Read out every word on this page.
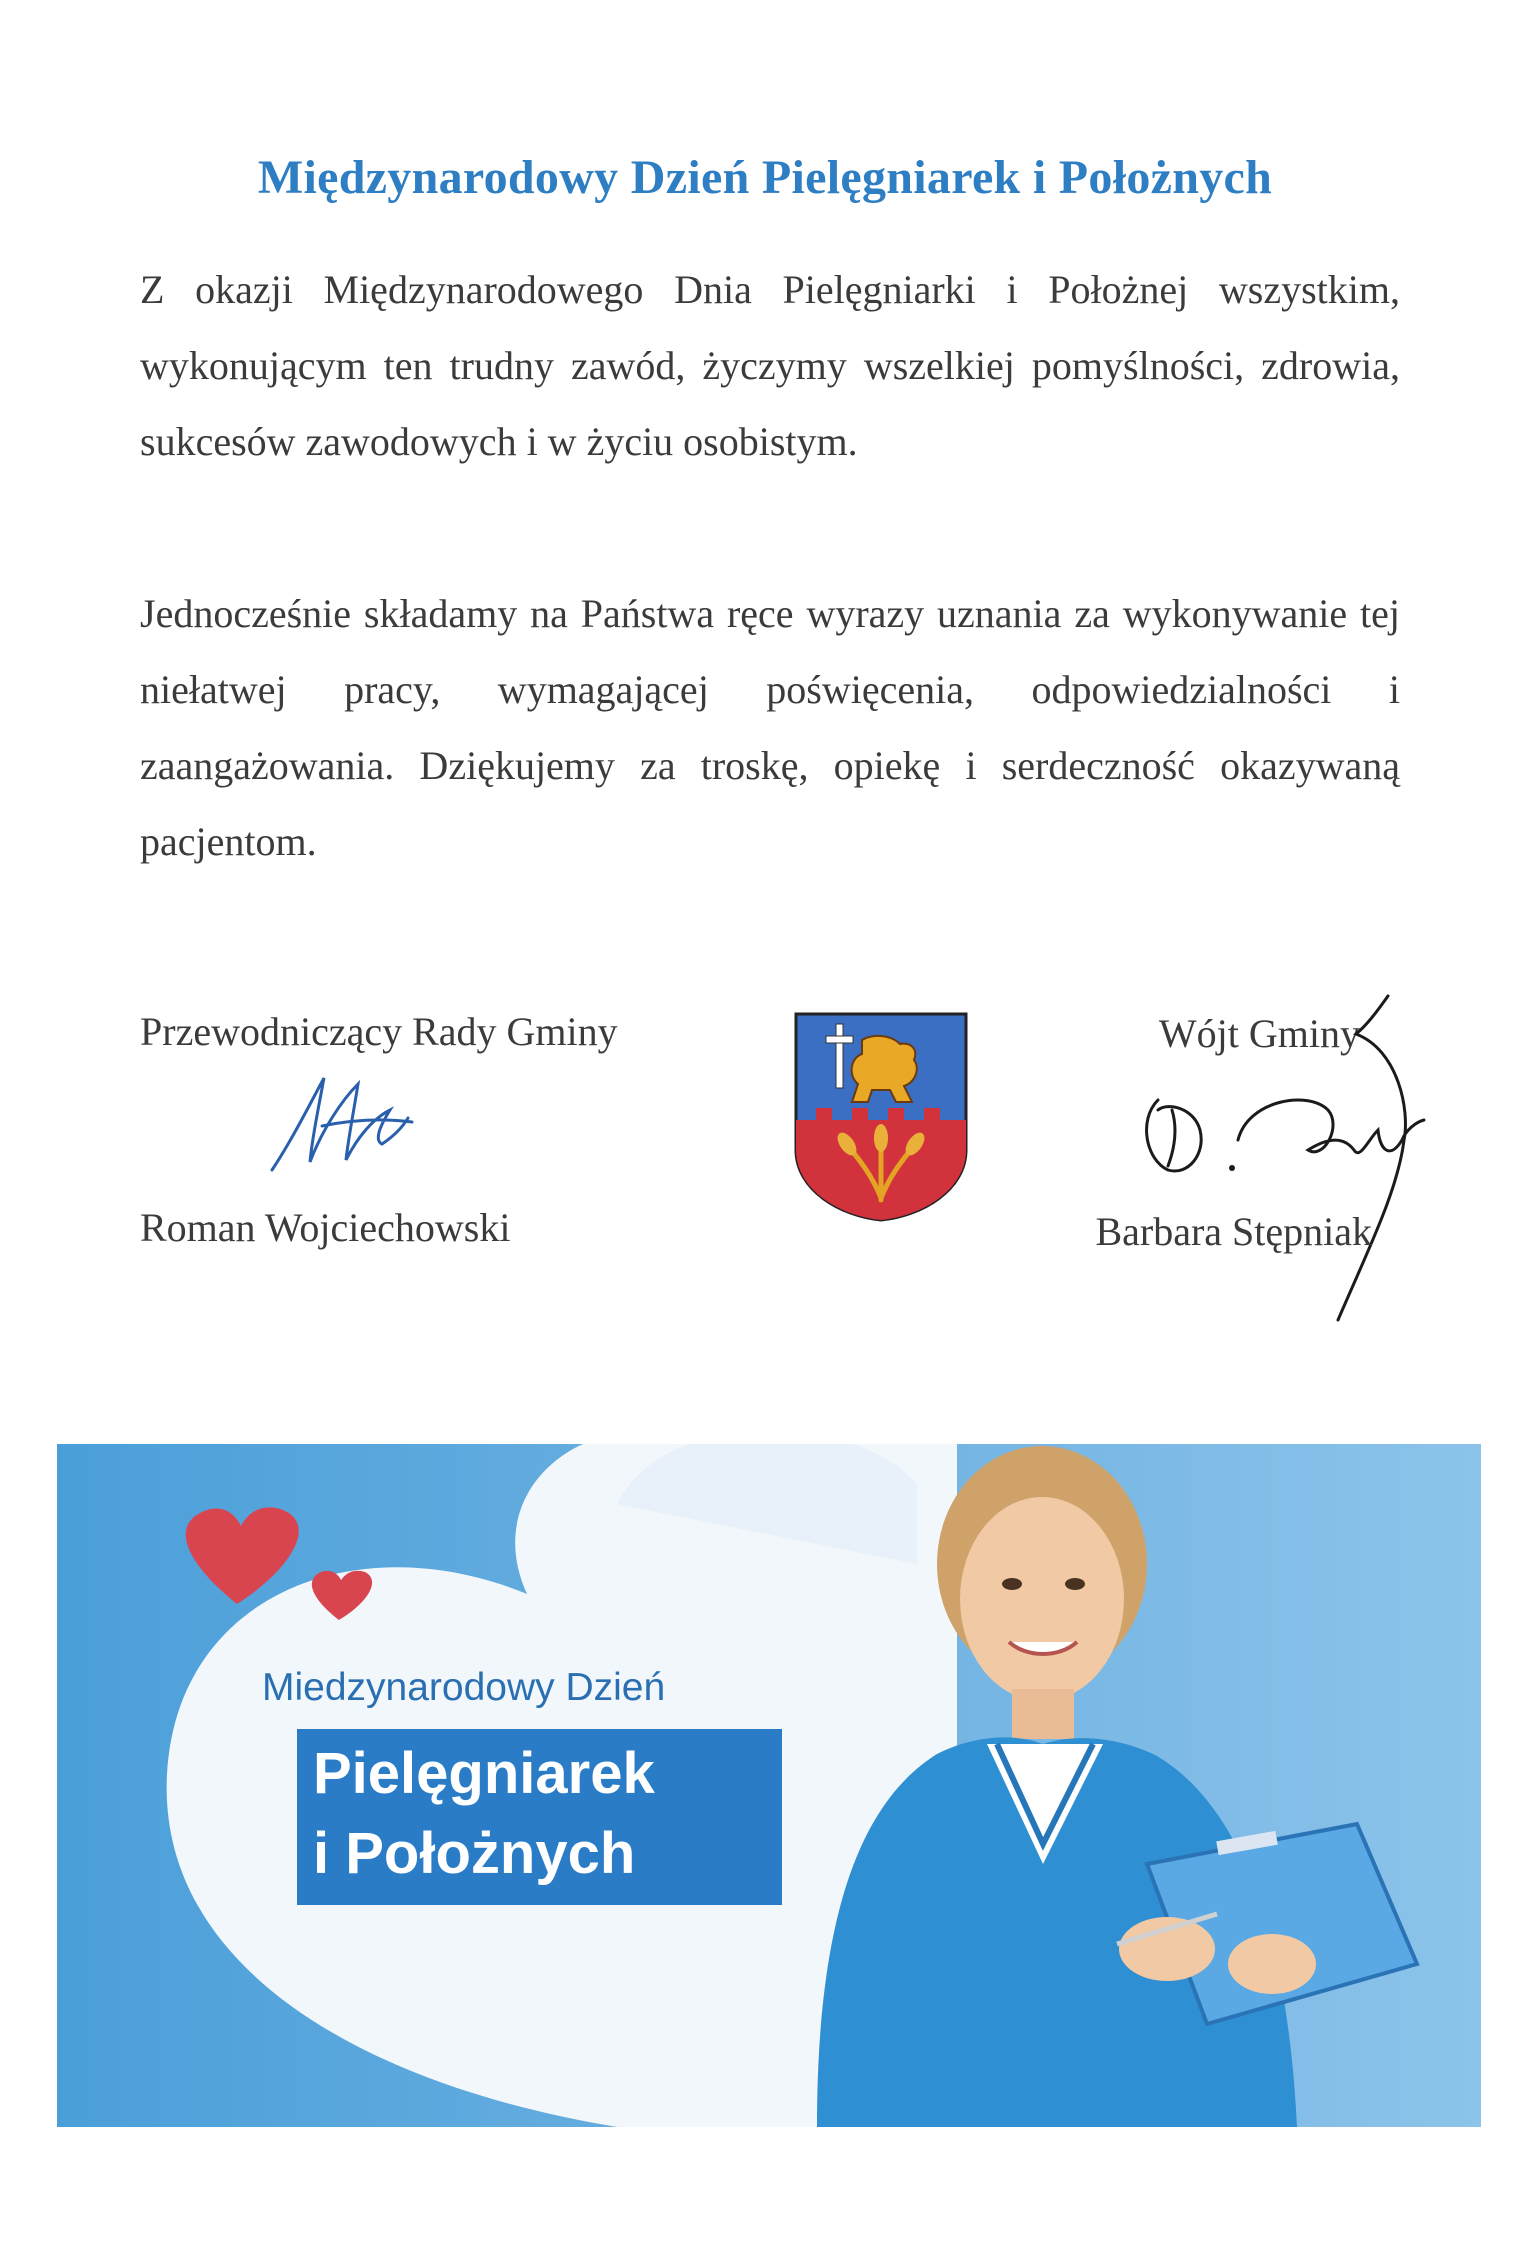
Międzynarodowy Dzień Pielęgniarek i Położnych

Z okazji Międzynarodowego Dnia Pielęgniarki i Położnej wszystkim, wykonującym ten trudny zawód, życzymy wszelkiej pomyślności, zdrowia, sukcesów zawodowych i w życiu osobistym.

Jednocześnie składamy na Państwa ręce wyrazy uznania za wykonywanie tej niełatwej pracy, wymagającej poświęcenia, odpowiedzialności i zaangażowania. Dziękujemy za troskę, opiekę i serdeczność okazywaną pacjentom.

Przewodniczący Rady Gminy
Roman Wojciechowski
Wójt Gminy
Barbara Stępniak
Miedzynarodowy Dzień
Pielęgniarek
i Położnych
